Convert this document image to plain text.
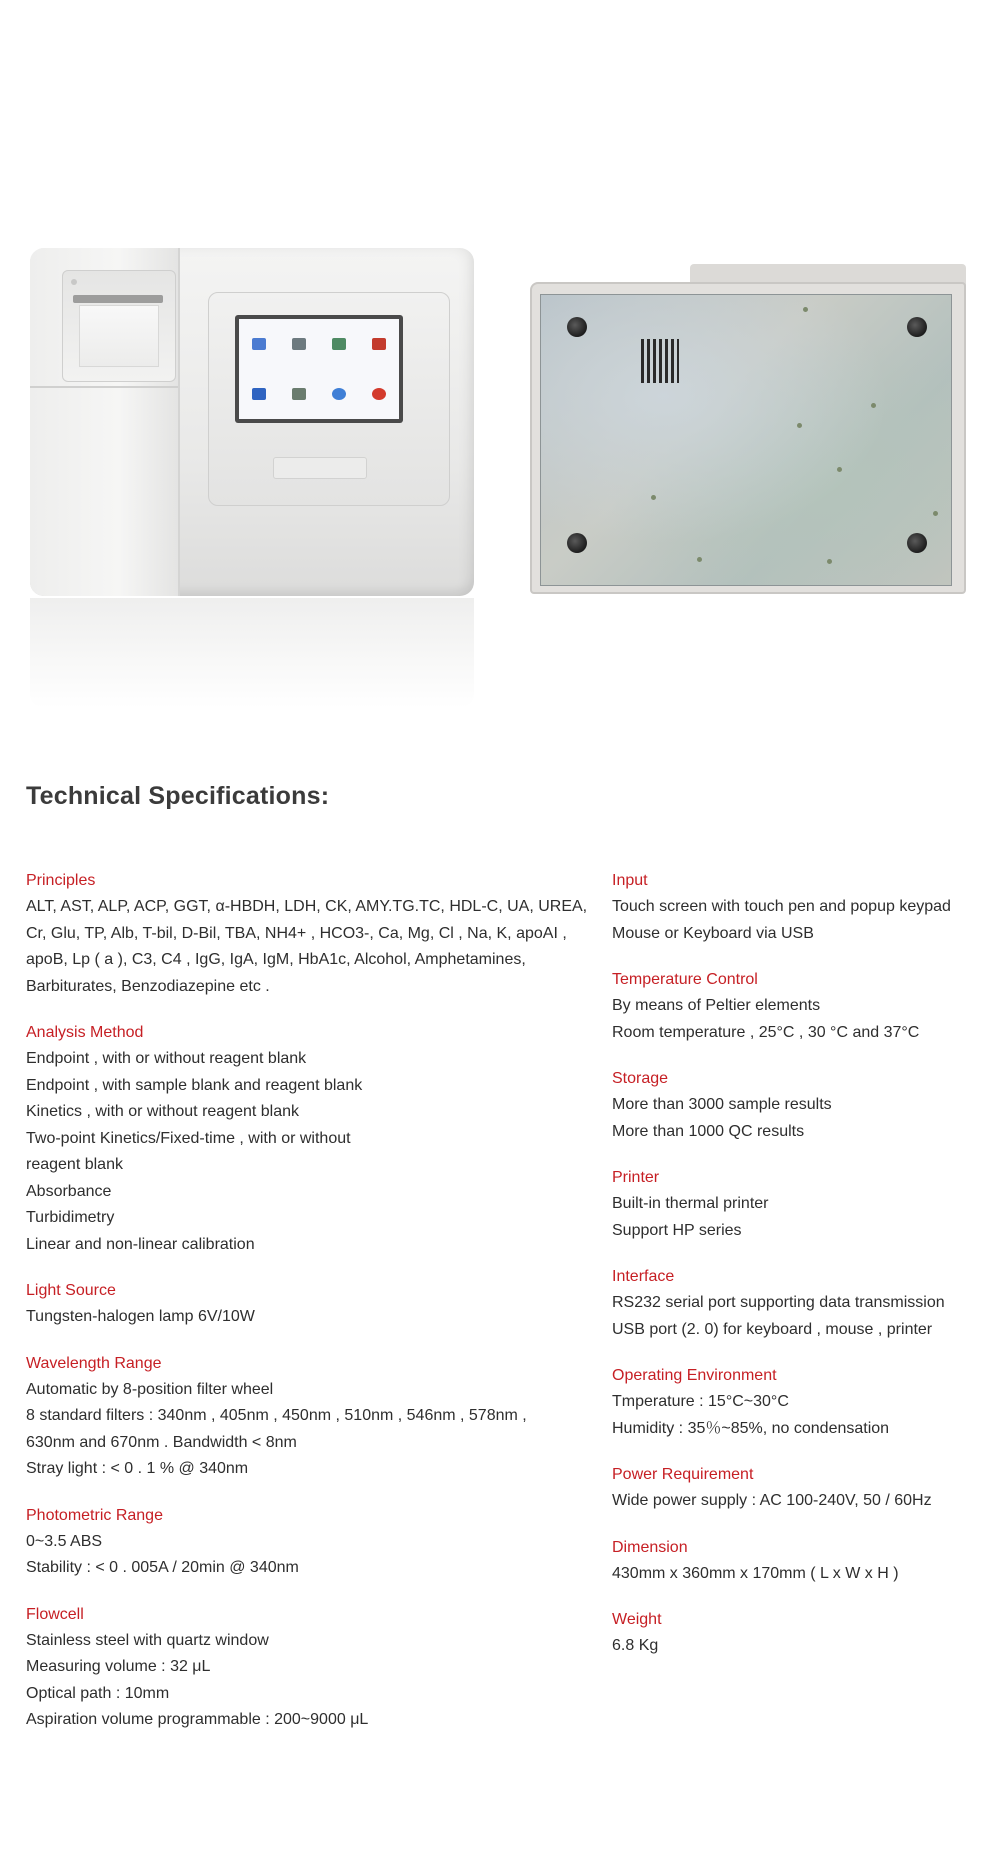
Technical Specifications:
Principles
ALT, AST, ALP, ACP, GGT, α-HBDH, LDH, CK, AMY.TG.TC, HDL-C, UA, UREA,
Cr, Glu, TP, Alb, T-bil, D-Bil, TBA, NH4+ , HCO3-, Ca, Mg, Cl , Na, K, apoAI ,
apoB, Lp ( a ), C3, C4 , IgG, IgA, IgM, HbA1c, Alcohol, Amphetamines,
Barbiturates, Benzodiazepine etc .
Analysis Method
Endpoint , with or without reagent blank
Endpoint , with sample blank and reagent blank
Kinetics , with or without reagent blank
Two-point Kinetics/Fixed-time , with or without
reagent blank
Absorbance
Turbidimetry
Linear and non-linear calibration
Light Source
Tungsten-halogen lamp 6V/10W
Wavelength Range
Automatic by 8-position filter wheel
8 standard filters : 340nm , 405nm , 450nm , 510nm , 546nm , 578nm ,
630nm and 670nm . Bandwidth < 8nm
Stray light : < 0 . 1 % @ 340nm
Photometric Range
0~3.5 ABS
Stability : < 0 . 005A / 20min @ 340nm
Flowcell
Stainless steel with quartz window
Measuring volume : 32 μL
Optical path : 10mm
Aspiration volume programmable : 200~9000 μL
Input
Touch screen with touch pen and popup keypad
Mouse or Keyboard via USB
Temperature Control
By means of Peltier elements
Room temperature , 25°C , 30 °C and 37°C
Storage
More than 3000 sample results
More than 1000 QC results
Printer
Built-in thermal printer
Support HP series
Interface
RS232 serial port supporting data transmission
USB port (2. 0) for keyboard , mouse , printer
Operating Environment
Tmperature : 15°C~30°C
Humidity : 35％~85%, no condensation
Power Requirement
Wide power supply : AC 100-240V, 50 / 60Hz
Dimension
430mm x 360mm x 170mm ( L x W x H )
Weight
6.8 Kg
